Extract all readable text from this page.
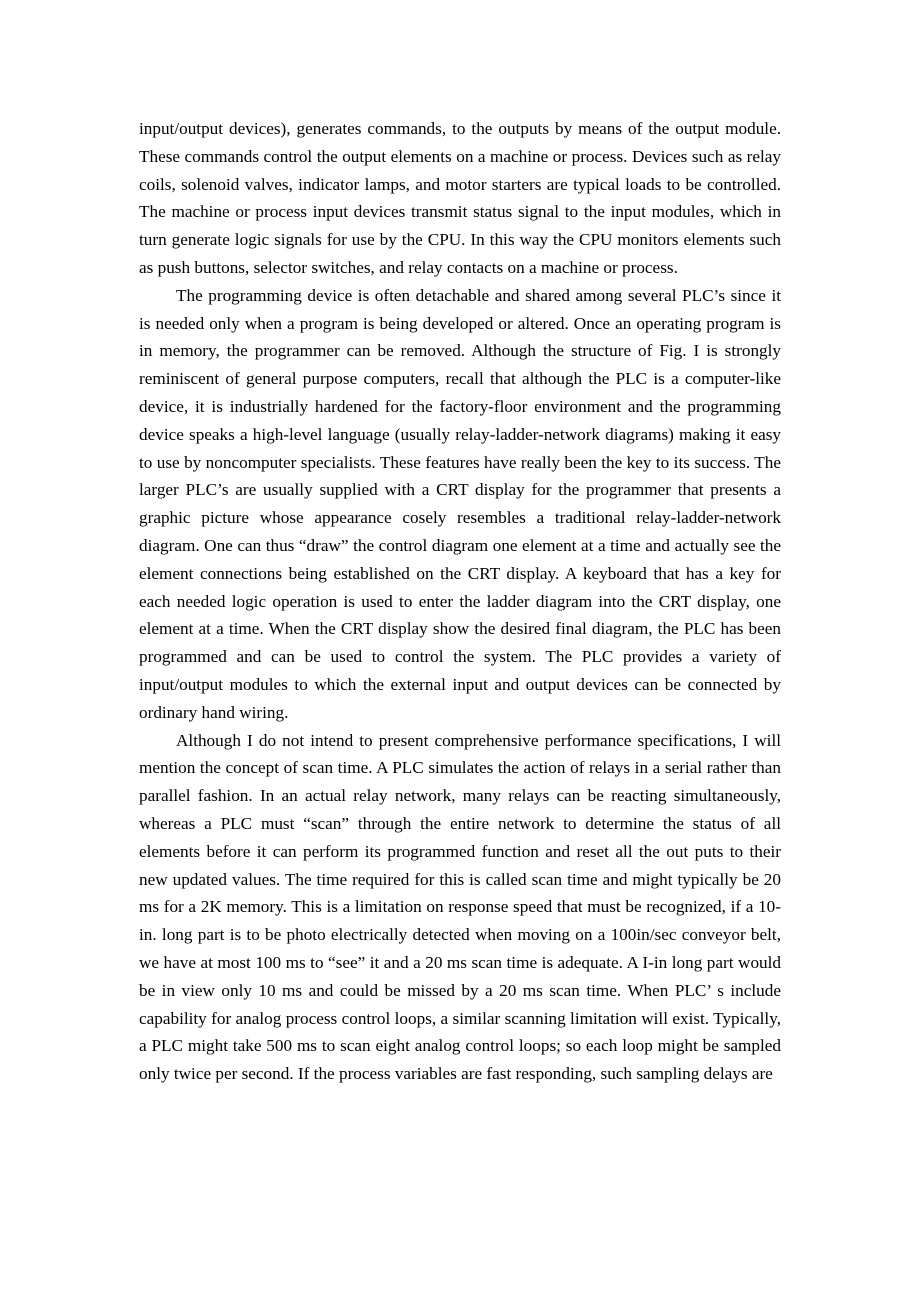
input/output devices), generates commands, to the outputs by means of the output module. These commands control the output elements on a machine or process. Devices such as relay coils, solenoid valves, indicator lamps, and motor starters are typical loads to be controlled. The machine or process input devices transmit status signal to the input modules, which in turn generate logic signals for use by the CPU. In this way the CPU monitors elements such as push buttons, selector switches, and relay contacts on a machine or process.

The programming device is often detachable and shared among several PLC’s since it is needed only when a program is being developed or altered. Once an operating program is in memory, the programmer can be removed. Although the structure of Fig. I is strongly reminiscent of general purpose computers, recall that although the PLC is a computer-like device, it is industrially hardened for the factory-floor environment and the programming device speaks a high-level language (usually relay-ladder-network diagrams) making it easy to use by noncomputer specialists. These features have really been the key to its success. The larger PLC’s are usually supplied with a CRT display for the programmer that presents a graphic picture whose appearance cosely resembles a traditional relay-ladder-network diagram. One can thus “draw” the control diagram one element at a time and actually see the element connections being established on the CRT display. A keyboard that has a key for each needed logic operation is used to enter the ladder diagram into the CRT display, one element at a time. When the CRT display show the desired final diagram, the PLC has been programmed and can be used to control the system. The PLC provides a variety of input/output modules to which the external input and output devices can be connected by ordinary hand wiring.

Although I do not intend to present comprehensive performance specifications, I will mention the concept of scan time. A PLC simulates the action of relays in a serial rather than parallel fashion. In an actual relay network, many relays can be reacting simultaneously, whereas a PLC must “scan” through the entire network to determine the status of all elements before it can perform its programmed function and reset all the out puts to their new updated values. The time required for this is called scan time and might typically be 20 ms for a 2K memory. This is a limitation on response speed that must be recognized, if a 10-in. long part is to be photo electrically detected when moving on a 100in/sec conveyor belt, we have at most 100 ms to “see” it and a 20 ms scan time is adequate. A I-in long part would be in view only 10 ms and could be missed by a 20 ms scan time. When PLC’ s include capability for analog process control loops, a similar scanning limitation will exist. Typically, a PLC might take 500 ms to scan eight analog control loops; so each loop might be sampled only twice per second. If the process variables are fast responding, such sampling delays are
